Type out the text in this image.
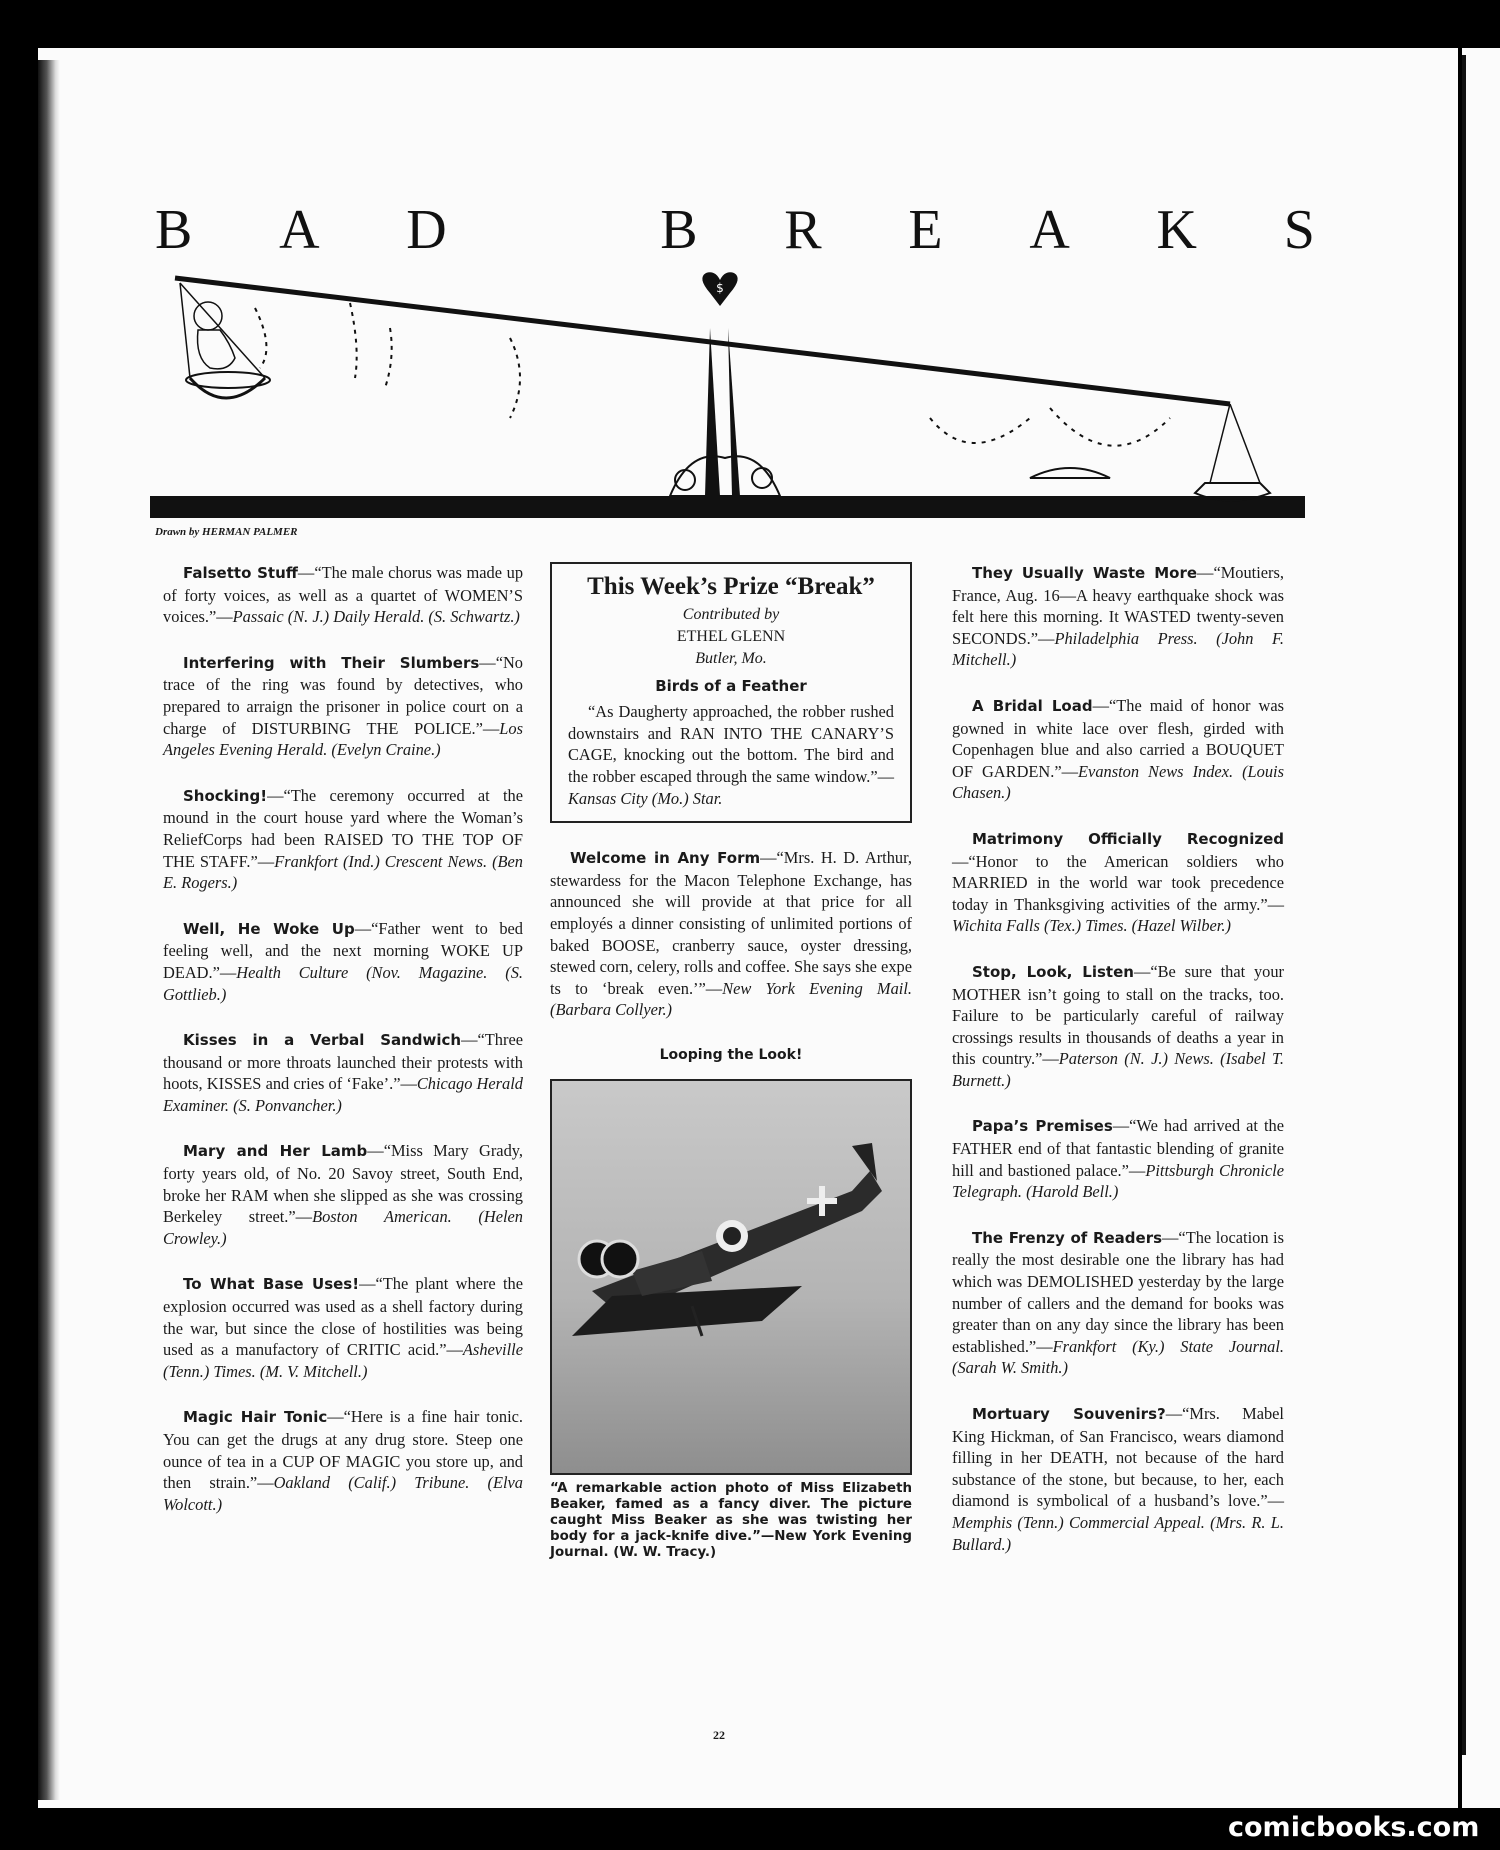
B A D	B R E A K S
$
Drawn by HERMAN PALMER

Falsetto Stuff—“The male chorus was made up of forty voices, as well as a quartet of WOMEN’S voices.”—Passaic (N. J.) Daily Herald. (S. Schwartz.)

Interfering with Their Slumbers—“No trace of the ring was found by detectives, who prepared to arraign the prisoner in police court on a charge of DISTURBING THE POLICE.”—Los Angeles Evening Herald. (Evelyn Craine.)

Shocking!—“The ceremony occurred at the mound in the court house yard where the Woman’s ReliefCorps had been RAISED TO THE TOP OF THE STAFF.”—Frankfort (Ind.) Crescent News. (Ben E. Rogers.)

Well, He Woke Up—“Father went to bed feeling well, and the next morning WOKE UP DEAD.”—Health Culture (Nov. Magazine. (S. Gottlieb.)

Kisses in a Verbal Sandwich—“Three thousand or more throats launched their protests with hoots, KISSES and cries of ‘Fake’.”—Chicago Herald Examiner. (S. Ponvancher.)

Mary and Her Lamb—“Miss Mary Grady, forty years old, of No. 20 Savoy street, South End, broke her RAM when she slipped as she was crossing Berkeley street.”—Boston American. (Helen Crowley.)

To What Base Uses!—“The plant where the explosion occurred was used as a shell factory during the war, but since the close of hostilities was being used as a manufactory of CRITIC acid.”—Asheville (Tenn.) Times. (M. V. Mitchell.)

Magic Hair Tonic—“Here is a fine hair tonic. You can get the drugs at any drug store. Steep one ounce of tea in a CUP OF MAGIC you store up, and then strain.”—Oakland (Calif.) Tribune. (Elva Wolcott.)

This Week’s Prize “Break”
Contributed by
ETHEL GLENN
Butler, Mo.
Birds of a Feather

“As Daugherty approached, the robber rushed downstairs and RAN INTO THE CANARY’S CAGE, knocking out the bottom. The bird and the robber escaped through the same window.”—Kansas City (Mo.) Star.

Welcome in Any Form—“Mrs. H. D. Arthur, stewardess for the Macon Telephone Exchange, has announced she will provide at that price for all employés a dinner consisting of unlimited portions of baked BOOSE, cranberry sauce, oyster dressing, stewed corn, celery, rolls and coffee. She says she expe ts to ‘break even.’”—New York Evening Mail. (Barbara Collyer.)

Looping the Look!
“A remarkable action photo of Miss Elizabeth Beaker, famed as a fancy diver. The picture caught Miss Beaker as she was twisting her body for a jack-knife dive.”—New York Evening Journal. (W. W. Tracy.)

They Usually Waste More—“Moutiers, France, Aug. 16—A heavy earthquake shock was felt here this morning. It WASTED twenty-seven SECONDS.”—Philadelphia Press. (John F. Mitchell.)

A Bridal Load—“The maid of honor was gowned in white lace over flesh, girded with Copenhagen blue and also carried a BOUQUET OF GARDEN.”—Evanston News Index. (Louis Chasen.)

Matrimony Officially Recognized—“Honor to the American soldiers who MARRIED in the world war took precedence today in Thanksgiving activities of the army.”—Wichita Falls (Tex.) Times. (Hazel Wilber.)

Stop, Look, Listen—“Be sure that your MOTHER isn’t going to stall on the tracks, too. Failure to be particularly careful of railway crossings results in thousands of deaths a year in this country.”—Paterson (N. J.) News. (Isabel T. Burnett.)

Papa’s Premises—“We had arrived at the FATHER end of that fantastic blending of granite hill and bastioned palace.”—Pittsburgh Chronicle Telegraph. (Harold Bell.)

The Frenzy of Readers—“The location is really the most desirable one the library has had which was DEMOLISHED yesterday by the large number of callers and the demand for books was greater than on any day since the library has been established.”—Frankfort (Ky.) State Journal. (Sarah W. Smith.)

Mortuary Souvenirs?—“Mrs. Mabel King Hickman, of San Francisco, wears diamond filling in her DEATH, not because of the hard substance of the stone, but because, to her, each diamond is symbolical of a husband’s love.”—Memphis (Tenn.) Commercial Appeal. (Mrs. R. L. Bullard.)

22
comicbooks.com
